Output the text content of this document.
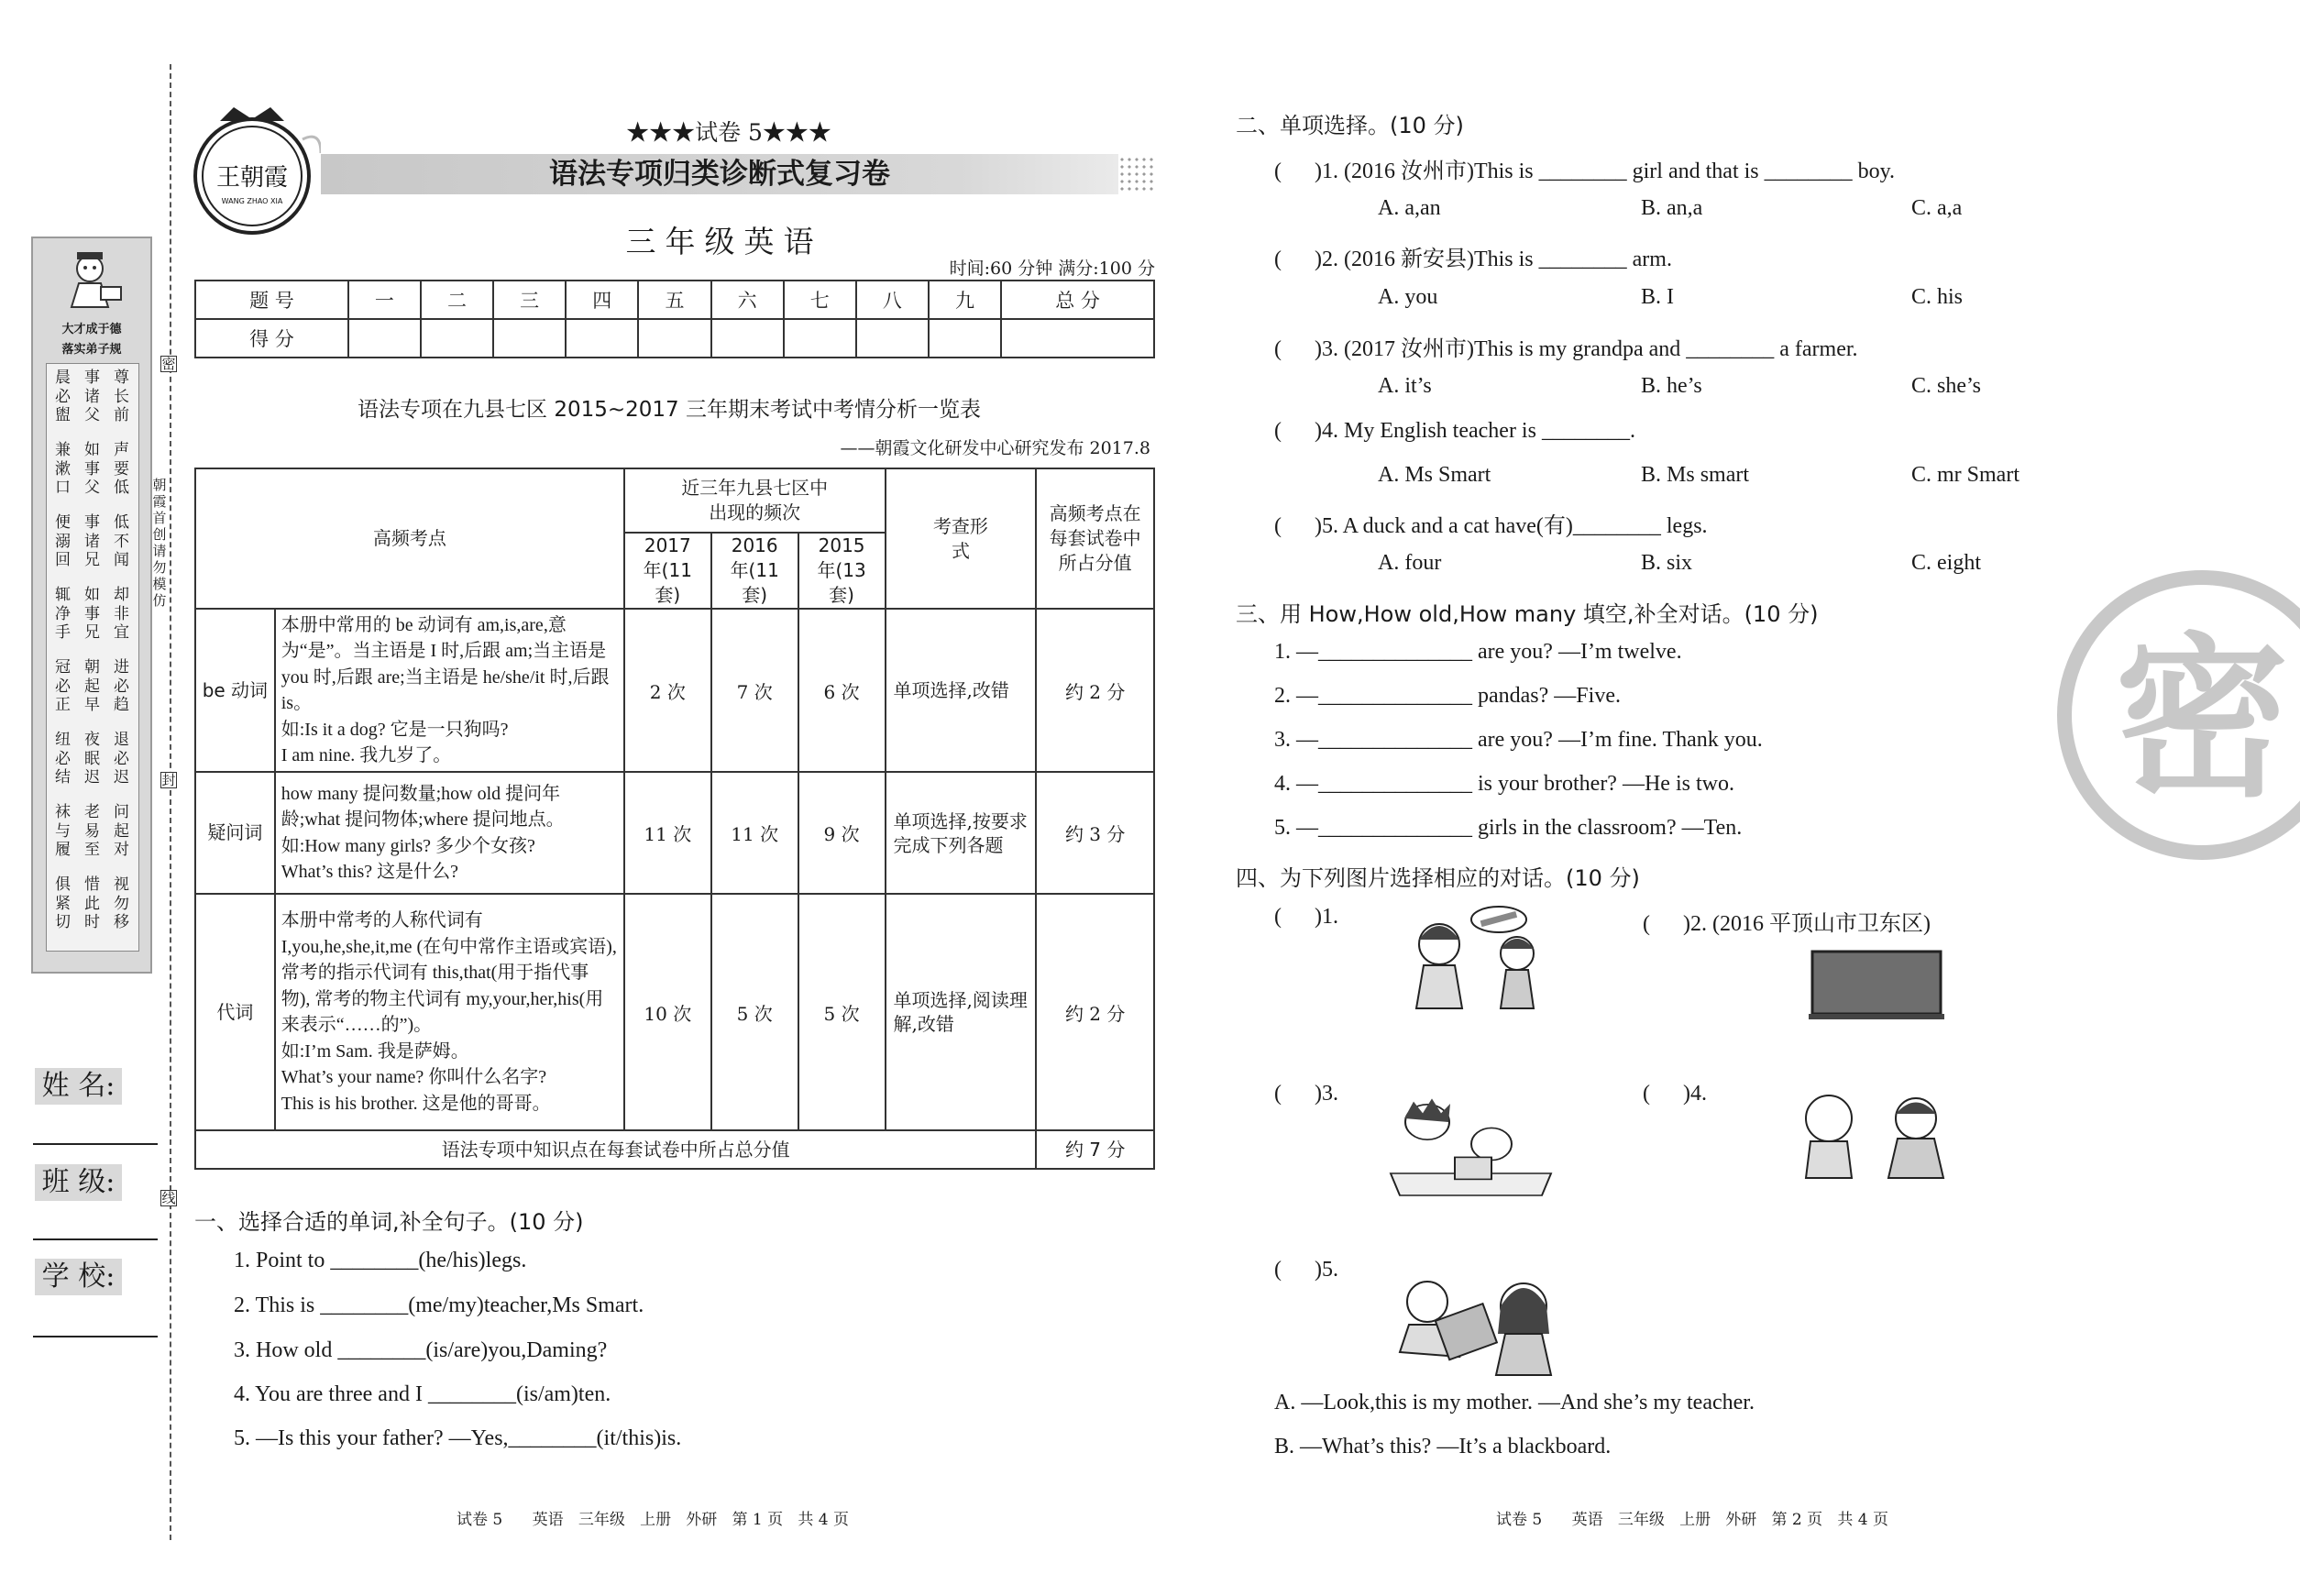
大才成于德
落实弟子规
晨必盥
事诸父
尊长前
兼漱口
如事父
声要低
便溺回
事诸兄
低不闻
辄净手
如事兄
却非宜
冠必正
朝起早
进必趋
纽必结
夜眠迟
退必迟
袜与履
老易至
问起对
俱紧切
惜此时
视勿移
姓 名:
班 级:
学 校:
密
封
线
朝霞首创 请勿模仿
王朝霞
WANG ZHAO XIA
★★★试卷 5★★★
语法专项归类诊断式复习卷
三年级英语
时间:60 分钟 满分:100 分
题 号	一	二	三	四	五	六	七	八	九	总 分
得 分										
语法专项在九县七区 2015~2017 三年期末考试中考情分析一览表
——朝霞文化研发中心研究发布 2017.8
高频考点		近三年九县七区中出现的频次			考查形式	高频考点在每套试卷中所占分值
		2017 年(11 套)	2016 年(11 套)	2015 年(13 套)		
be 动词	本册中常用的 be 动词有 am,is,are,意为“是”。当主语是 I 时,后跟 am;当主语是 you 时,后跟 are;当主语是 he/she/it 时,后跟 is。
如:Is it a dog? 它是一只狗吗?
I am nine. 我九岁了。	2 次	7 次	6 次	单项选择,改错	约 2 分
疑问词	how many 提问数量;how old 提问年龄;what 提问物体;where 提问地点。
如:How many girls? 多少个女孩?
What’s this? 这是什么?	11 次	11 次	9 次	单项选择,按要求完成下列各题	约 3 分
代词	本册中常考的人称代词有 I,you,he,she,it,me (在句中常作主语或宾语),常考的指示代词有 this,that(用于指代事物), 常考的物主代词有 my,your,her,his(用来表示“……的”)。
如:I’m Sam. 我是萨姆。
What’s your name? 你叫什么名字?
This is his brother. 这是他的哥哥。	10 次	5 次	5 次	单项选择,阅读理解,改错	约 2 分
语法专项中知识点在每套试卷中所占总分值						约 7 分
一、选择合适的单词,补全句子。(10 分)
1. Point to ________(he/his)legs.
2. This is ________(me/my)teacher,Ms Smart.
3. How old ________(is/are)you,Daming?
4. You are three and I ________(is/am)ten.
5. —Is this your father? —Yes,________(it/this)is.
试卷 5      英语   三年级   上册   外研   第 1 页   共 4 页
二、单项选择。(10 分)
(      )1. (2016 汝州市)This is ________ girl and that is ________ boy.
A. a,an	B. an,a	C. a,a
(      )2. (2016 新安县)This is ________ arm.
A. you	B. I	C. his
(      )3. (2017 汝州市)This is my grandpa and ________ a farmer.
A. it’s	B. he’s	C. she’s
(      )4. My English teacher is ________.
A. Ms Smart	B. Ms smart	C. mr Smart
(      )5. A duck and a cat have(有)________ legs.
A. four	B. six	C. eight
三、用 How,How old,How many 填空,补全对话。(10 分)
1. —______________ are you? —I’m twelve.
2. —______________ pandas? —Five.
3. —______________ are you? —I’m fine. Thank you.
4. —______________ is your brother? —He is two.
5. —______________ girls in the classroom? —Ten.
四、为下列图片选择相应的对话。(10 分)
(      )1.	(      )2. (2016 平顶山市卫东区)
(      )3.	(      )4.
(      )5.
A. —Look,this is my mother. —And she’s my teacher.
B. —What’s this? —It’s a blackboard.
试卷 5      英语   三年级   上册   外研   第 2 页   共 4 页
密
